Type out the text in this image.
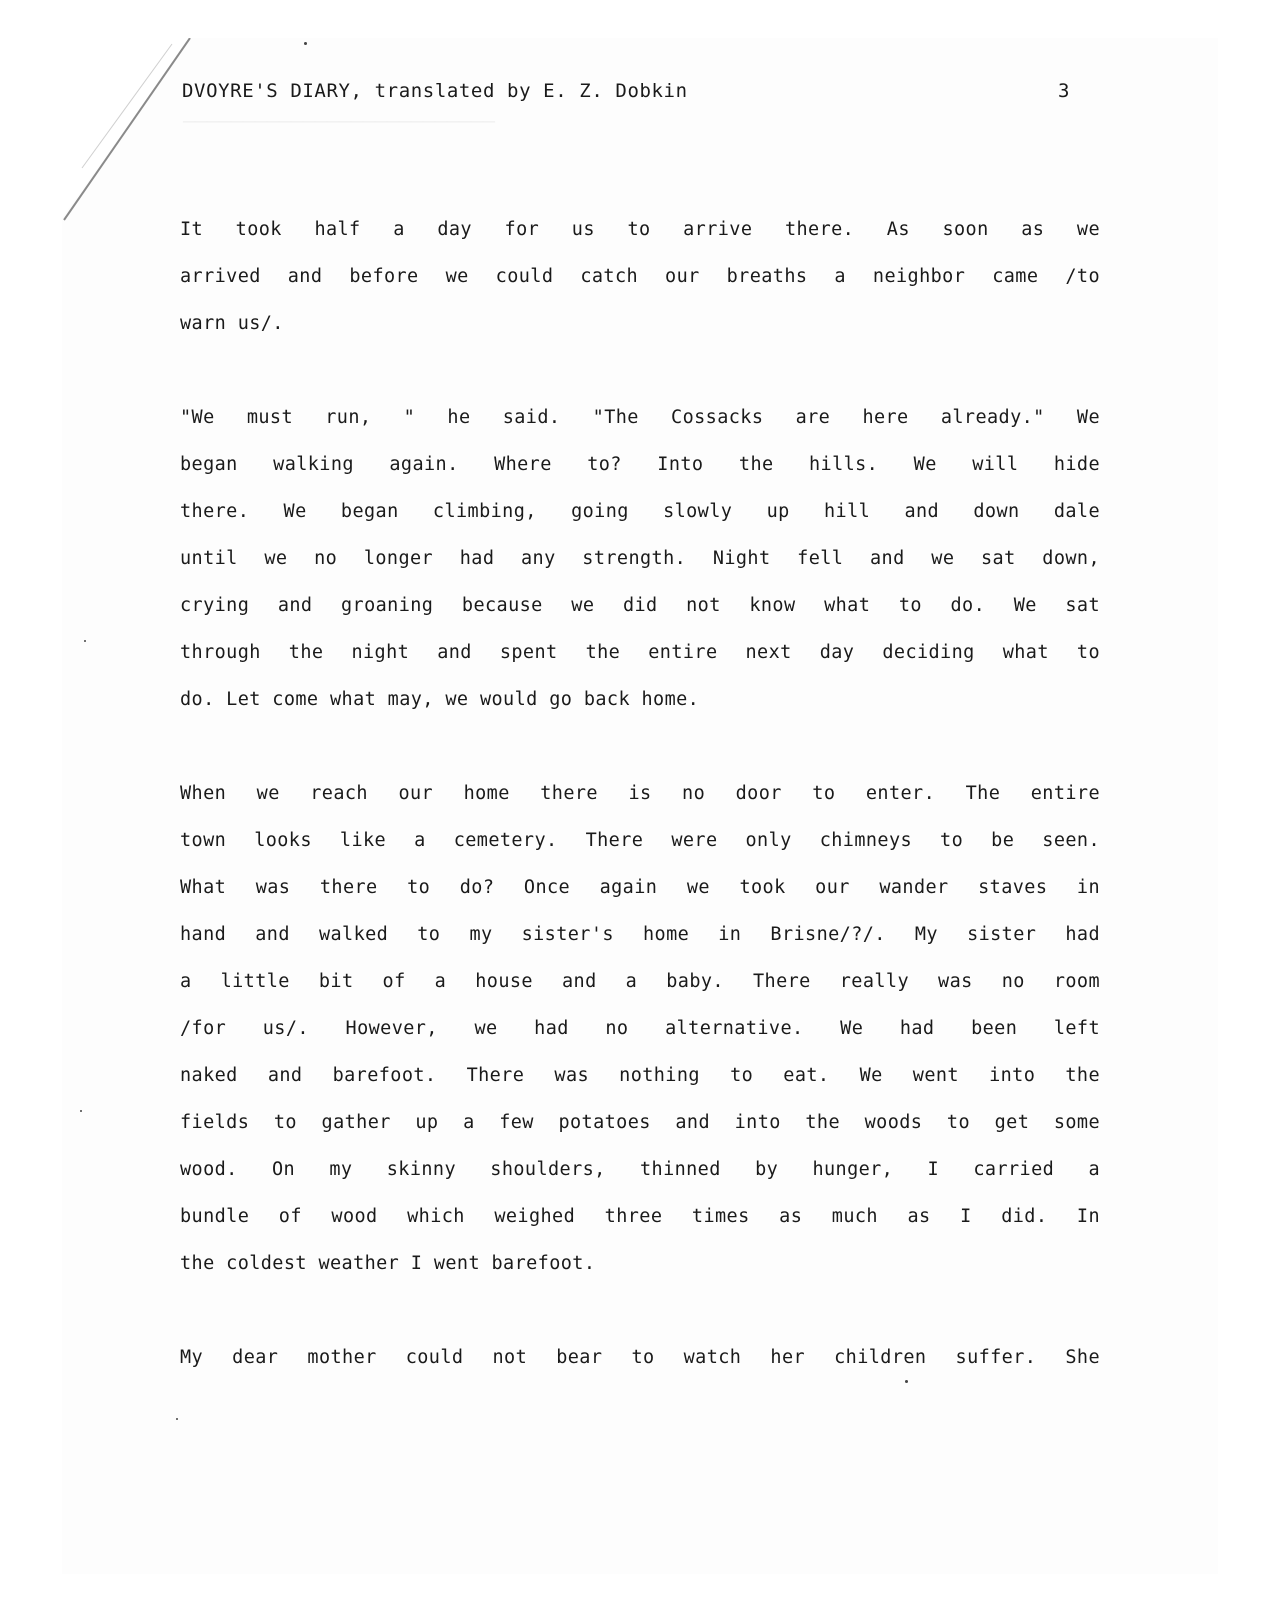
──────────────────────────
DVOYRE'S DIARY, translated by E. Z. Dobkin	3
It took half a day for us to arrive there. As soon as we
arrived and before we could catch our breaths a neighbor came /to
warn us/.
"We must run, " he said. "The Cossacks are here already." We
began walking again. Where to? Into the hills. We will hide
there. We began climbing, going slowly up hill and down dale
until we no longer had any strength. Night fell and we sat down,
crying and groaning because we did not know what to do. We sat
through the night and spent the entire next day deciding what to
do. Let come what may, we would go back home.
When we reach our home there is no door to enter. The entire
town looks like a cemetery. There were only chimneys to be seen.
What was there to do? Once again we took our wander staves in
hand and walked to my sister's home in Brisne/?/. My sister had
a little bit of a house and a baby. There really was no room
/for us/. However, we had no alternative. We had been left
naked and barefoot. There was nothing to eat. We went into the
fields to gather up a few potatoes and into the woods to get some
wood. On my skinny shoulders, thinned by hunger, I carried a
bundle of wood which weighed three times as much as I did. In
the coldest weather I went barefoot.
My dear mother could not bear to watch her children suffer. She
